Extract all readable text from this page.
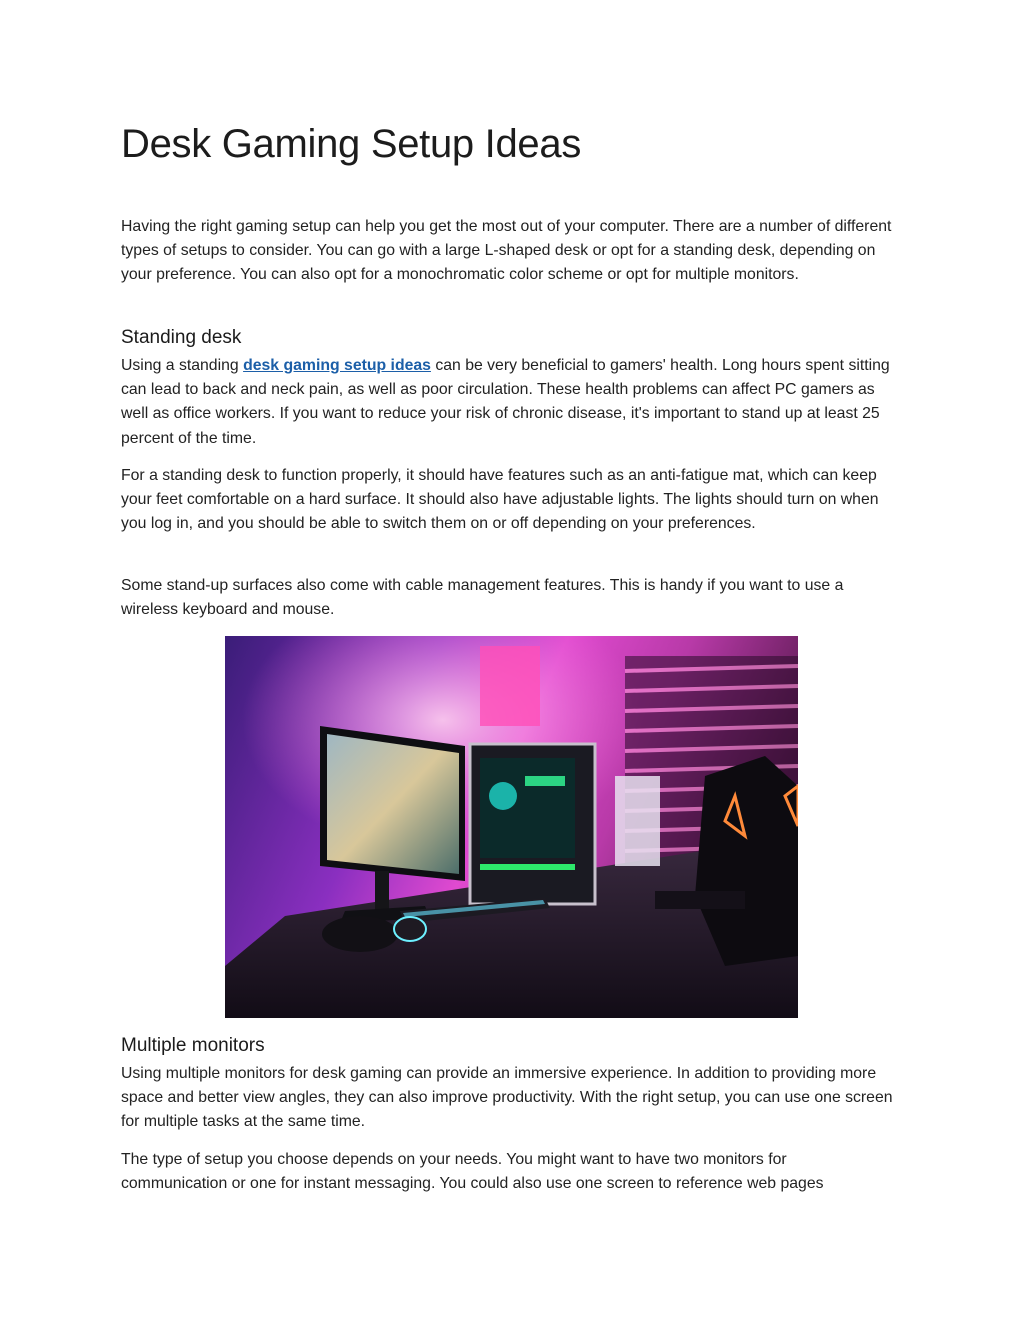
Desk Gaming Setup Ideas

Having the right gaming setup can help you get the most out of your computer. There are a number of different types of setups to consider. You can go with a large L-shaped desk or opt for a standing desk, depending on your preference. You can also opt for a monochromatic color scheme or opt for multiple monitors.

Standing desk

Using a standing desk gaming setup ideas can be very beneficial to gamers' health. Long hours spent sitting can lead to back and neck pain, as well as poor circulation. These health problems can affect PC gamers as well as office workers. If you want to reduce your risk of chronic disease, it's important to stand up at least 25 percent of the time.

For a standing desk to function properly, it should have features such as an anti-fatigue mat, which can keep your feet comfortable on a hard surface. It should also have adjustable lights. The lights should turn on when you log in, and you should be able to switch them on or off depending on your preferences.

Some stand-up surfaces also come with cable management features. This is handy if you want to use a wireless keyboard and mouse.

Multiple monitors

Using multiple monitors for desk gaming can provide an immersive experience. In addition to providing more space and better view angles, they can also improve productivity. With the right setup, you can use one screen for multiple tasks at the same time.

The type of setup you choose depends on your needs. You might want to have two monitors for communication or one for instant messaging. You could also use one screen to reference web pages
